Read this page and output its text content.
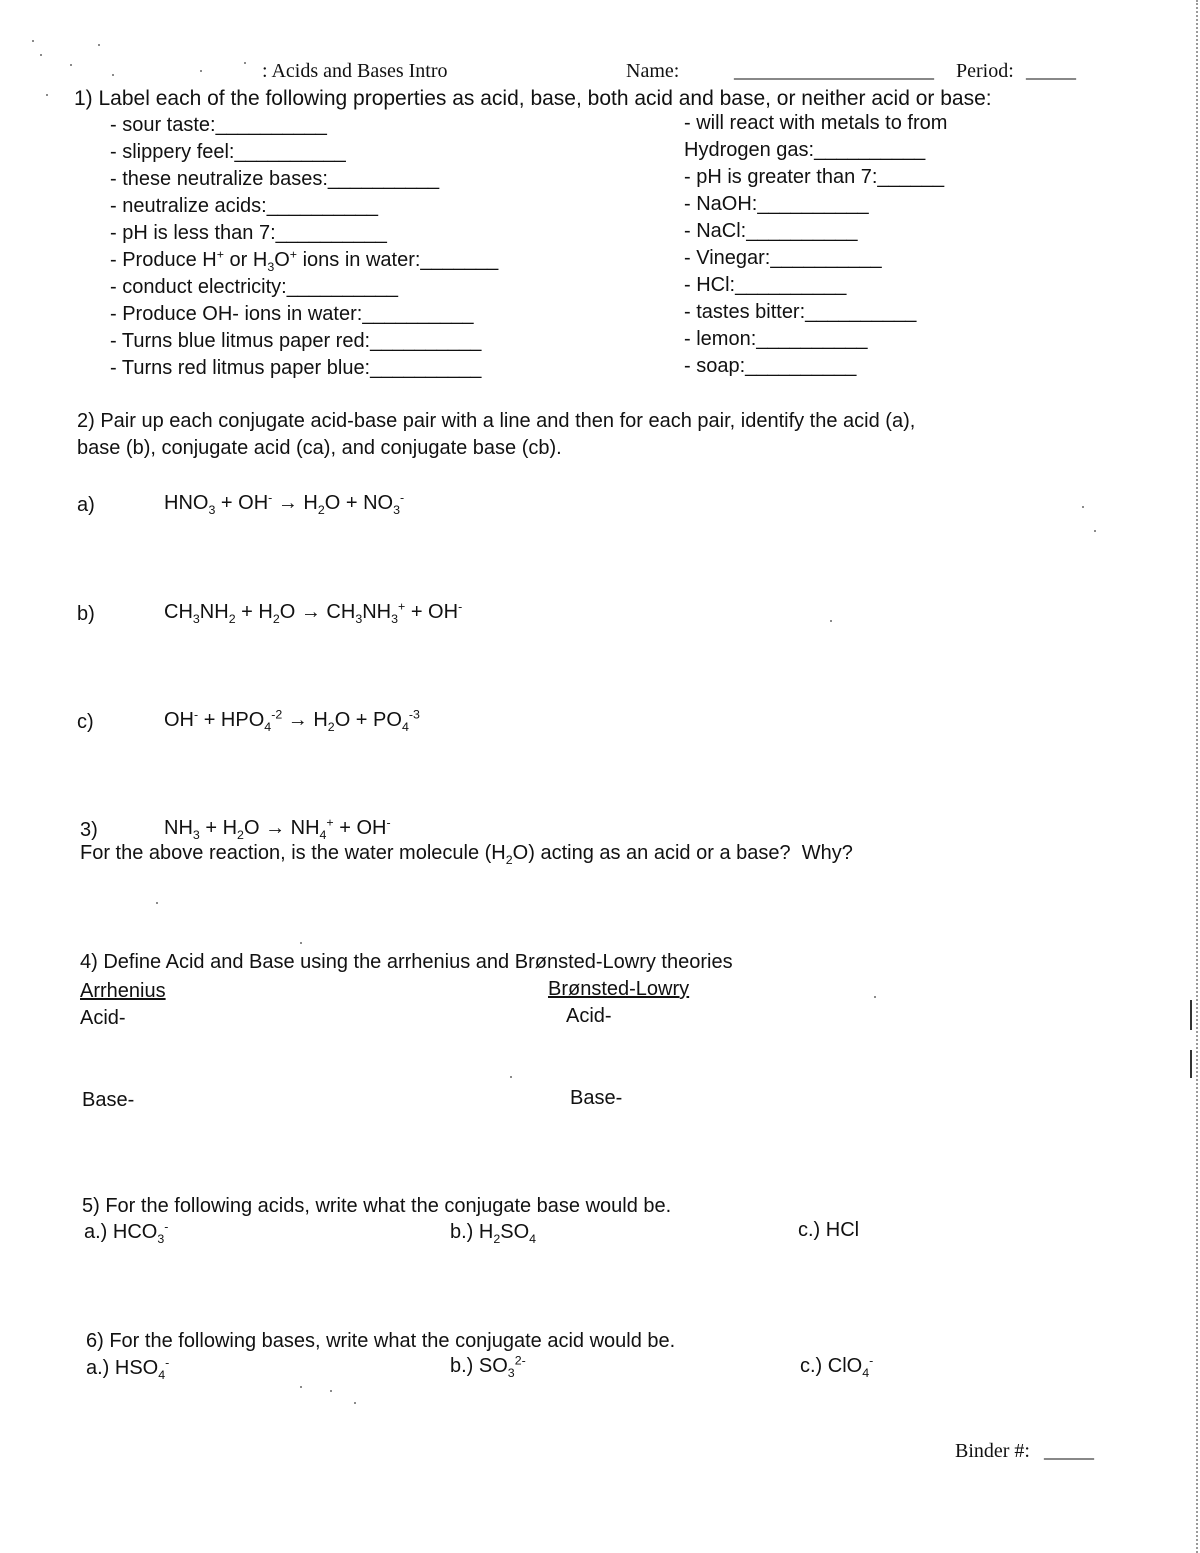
: Acids and Bases Intro	Name:	____________________ Period: _____
1) Label each of the following properties as acid, base, both acid and base, or neither acid or base:
- sour taste:__________
- slippery feel:__________
- these neutralize bases:__________
- neutralize acids:__________
- pH is less than 7:__________
- Produce H+ or $H_3O^+$ ions in water:_______
- conduct electricity:__________
- Produce OH- ions in water:__________
- Turns blue litmus paper red:__________
- Turns red litmus paper blue:__________
- will react with metals to from
Hydrogen gas:__________
- pH is greater than 7:______
- NaOH:__________
- NaCl:__________
- Vinegar:__________
- HCl:__________
- tastes bitter:__________
- lemon:__________
- soap:__________
2) Pair up each conjugate acid-base pair with a line and then for each pair, identify the acid (a),
base (b), conjugate acid (ca), and conjugate base (cb).
a)	$HNO_3 + OH^- \to H_2O + NO_3^-$
b)	$CH_3NH_2 + H_2O \to CH_3NH_3^+ + OH^-$
c)	$OH^- + HPO_4^{-2} \to H_2O + PO_4^{-3}$
3)	$NH_3 + H_2O \to NH_4^+ + OH^-$
For the above reaction, is the water molecule $(H_2O)$ acting as an acid or a base?  Why?
4) Define Acid and Base using the arrhenius and Brønsted-Lowry theories
Arrhenius	Brønsted-Lowry
Acid-	Acid-
Base-	Base-
5) For the following acids, write what the conjugate base would be.
a.) $HCO_3^-$	b.) $H_2SO_4$	c.) HCl
6) For the following bases, write what the conjugate acid would be.
a.) $HSO_4^-$	b.) $SO_3^{2-}$	c.) ClO$_4$-
Binder #: _____
